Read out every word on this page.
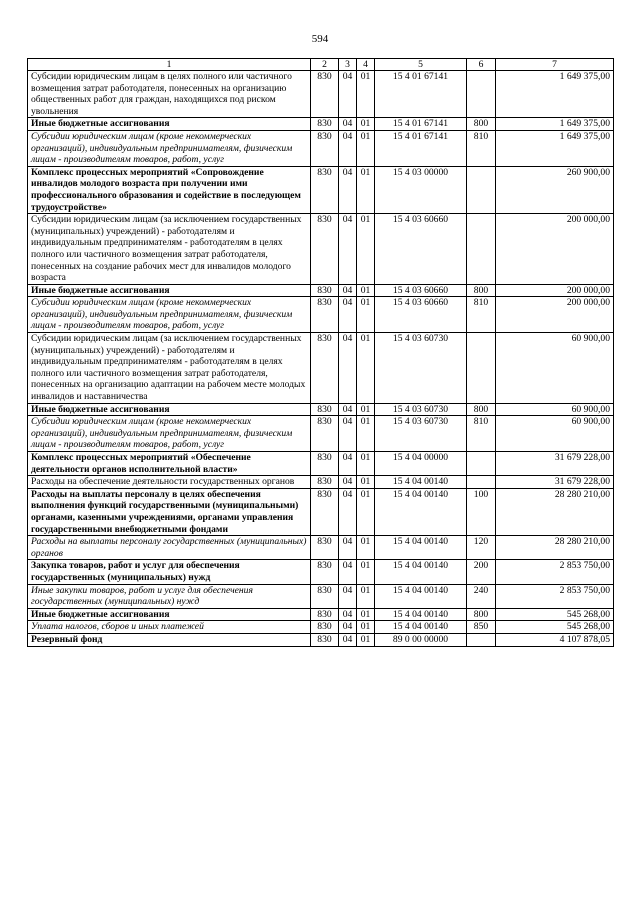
594
1	2	3	4	5	6	7
Субсидии юридическим лицам в целях полного или частичного возмещения затрат работодателя, понесенных на организацию общественных работ для граждан, находящихся под риском увольнения	830	04	01	15 4 01 67141		1 649 375,00
Иные бюджетные ассигнования	830	04	01	15 4 01 67141	800	1 649 375,00
Субсидии юридическим лицам (кроме некоммерческих организаций), индивидуальным предпринимателям, физическим лицам - производителям товаров, работ, услуг	830	04	01	15 4 01 67141	810	1 649 375,00
Комплекс процессных мероприятий «Сопровождение инвалидов молодого возраста при получении ими профессионального образования и содействие в последующем трудоустройстве»	830	04	01	15 4 03 00000		260 900,00
Субсидии юридическим лицам (за исключением государственных (муниципальных) учреждений) - работодателям и индивидуальным предпринимателям - работодателям в целях полного или частичного возмещения затрат работодателя, понесенных на создание рабочих мест для инвалидов молодого возраста	830	04	01	15 4 03 60660		200 000,00
Иные бюджетные ассигнования	830	04	01	15 4 03 60660	800	200 000,00
Субсидии юридическим лицам (кроме некоммерческих организаций), индивидуальным предпринимателям, физическим лицам - производителям товаров, работ, услуг	830	04	01	15 4 03 60660	810	200 000,00
Субсидии юридическим лицам (за исключением государственных (муниципальных) учреждений) - работодателям и индивидуальным предпринимателям - работодателям в целях полного или частичного возмещения затрат работодателя, понесенных на организацию адаптации на рабочем месте молодых инвалидов и наставничества	830	04	01	15 4 03 60730		60 900,00
Иные бюджетные ассигнования	830	04	01	15 4 03 60730	800	60 900,00
Субсидии юридическим лицам (кроме некоммерческих организаций), индивидуальным предпринимателям, физическим лицам - производителям товаров, работ, услуг	830	04	01	15 4 03 60730	810	60 900,00
Комплекс процессных мероприятий «Обеспечение деятельности органов исполнительной власти»	830	04	01	15 4 04 00000		31 679 228,00
Расходы на обеспечение деятельности государственных органов	830	04	01	15 4 04 00140		31 679 228,00
Расходы на выплаты персоналу в целях обеспечения выполнения функций государственными (муниципальными) органами, казенными учреждениями, органами управления государственными внебюджетными фондами	830	04	01	15 4 04 00140	100	28 280 210,00
Расходы на выплаты персоналу государственных (муниципальных) органов	830	04	01	15 4 04 00140	120	28 280 210,00
Закупка товаров, работ и услуг для обеспечения государственных (муниципальных) нужд	830	04	01	15 4 04 00140	200	2 853 750,00
Иные закупки товаров, работ и услуг для обеспечения государственных (муниципальных) нужд	830	04	01	15 4 04 00140	240	2 853 750,00
Иные бюджетные ассигнования	830	04	01	15 4 04 00140	800	545 268,00
Уплата налогов, сборов и иных платежей	830	04	01	15 4 04 00140	850	545 268,00
Резервный фонд	830	04	01	89 0 00 00000		4 107 878,05
